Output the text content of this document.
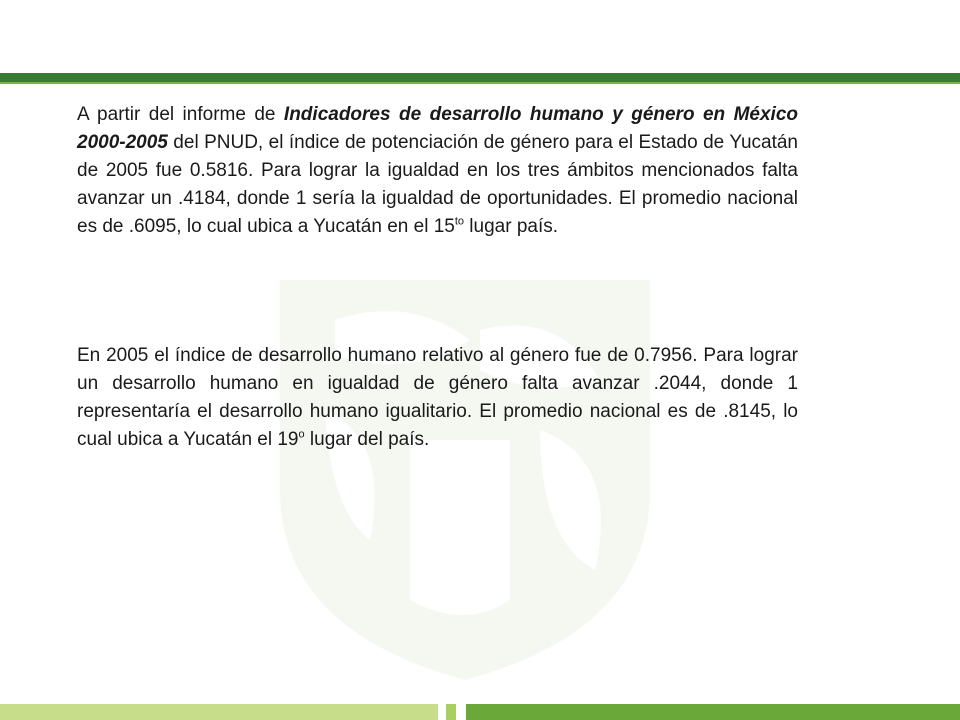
A partir del informe de Indicadores de desarrollo humano y género en México 2000-2005 del PNUD, el índice de potenciación de género para el Estado de Yucatán de 2005 fue 0.5816. Para lograr la igualdad en los tres ámbitos mencionados falta avanzar un .4184, donde 1 sería la igualdad de oportunidades. El promedio nacional es de .6095, lo cual ubica a Yucatán en el $15^{to}$ lugar país.

En 2005 el índice de desarrollo humano relativo al género fue de 0.7956. Para lograr un desarrollo humano en igualdad de género falta avanzar .2044, donde 1 representaría el desarrollo humano igualitario. El promedio nacional es de .8145, lo cual ubica a Yucatán el 19$^o$ lugar del país.
